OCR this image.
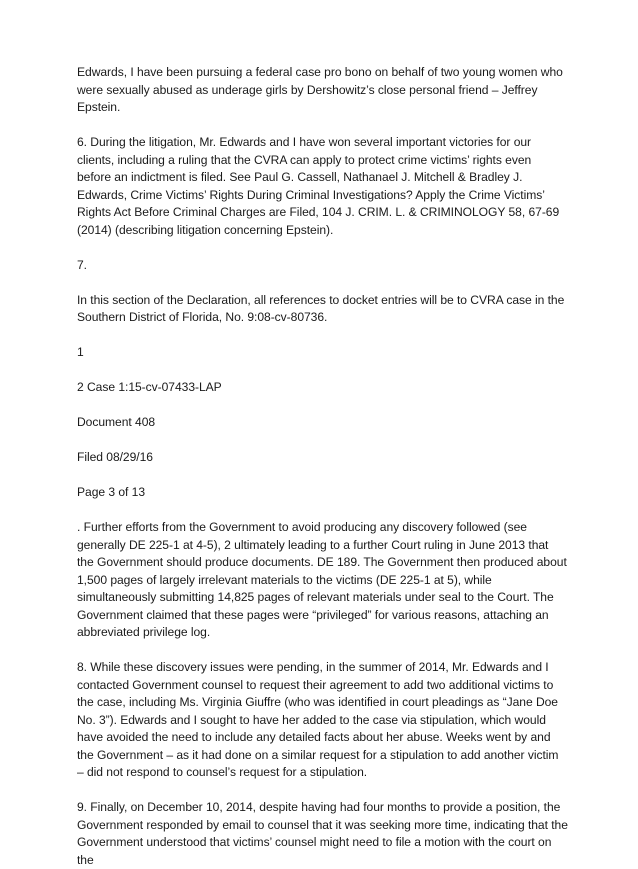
Edwards, I have been pursuing a federal case pro bono on behalf of two young women who were sexually abused as underage girls by Dershowitz’s close personal friend – Jeffrey Epstein.

6. During the litigation, Mr. Edwards and I have won several important victories for our clients, including a ruling that the CVRA can apply to protect crime victims’ rights even before an indictment is filed. See Paul G. Cassell, Nathanael J. Mitchell & Bradley J. Edwards, Crime Victims’ Rights During Criminal Investigations? Apply the Crime Victims’ Rights Act Before Criminal Charges are Filed, 104 J. CRIM. L. & CRIMINOLOGY 58, 67-69 (2014) (describing litigation concerning Epstein).

7.

In this section of the Declaration, all references to docket entries will be to CVRA case in the Southern District of Florida, No. 9:08-cv-80736.

1

2 Case 1:15-cv-07433-LAP

Document 408

Filed 08/29/16

Page 3 of 13

. Further efforts from the Government to avoid producing any discovery followed (see generally DE 225-1 at 4-5), 2 ultimately leading to a further Court ruling in June 2013 that the Government should produce documents. DE 189. The Government then produced about 1,500 pages of largely irrelevant materials to the victims (DE 225-1 at 5), while simultaneously submitting 14,825 pages of relevant materials under seal to the Court. The Government claimed that these pages were “privileged” for various reasons, attaching an abbreviated privilege log.

8. While these discovery issues were pending, in the summer of 2014, Mr. Edwards and I contacted Government counsel to request their agreement to add two additional victims to the case, including Ms. Virginia Giuffre (who was identified in court pleadings as “Jane Doe No. 3”). Edwards and I sought to have her added to the case via stipulation, which would have avoided the need to include any detailed facts about her abuse. Weeks went by and the Government – as it had done on a similar request for a stipulation to add another victim – did not respond to counsel’s request for a stipulation.

9. Finally, on December 10, 2014, despite having had four months to provide a position, the Government responded by email to counsel that it was seeking more time, indicating that the Government understood that victims’ counsel might need to file a motion with the court on the
